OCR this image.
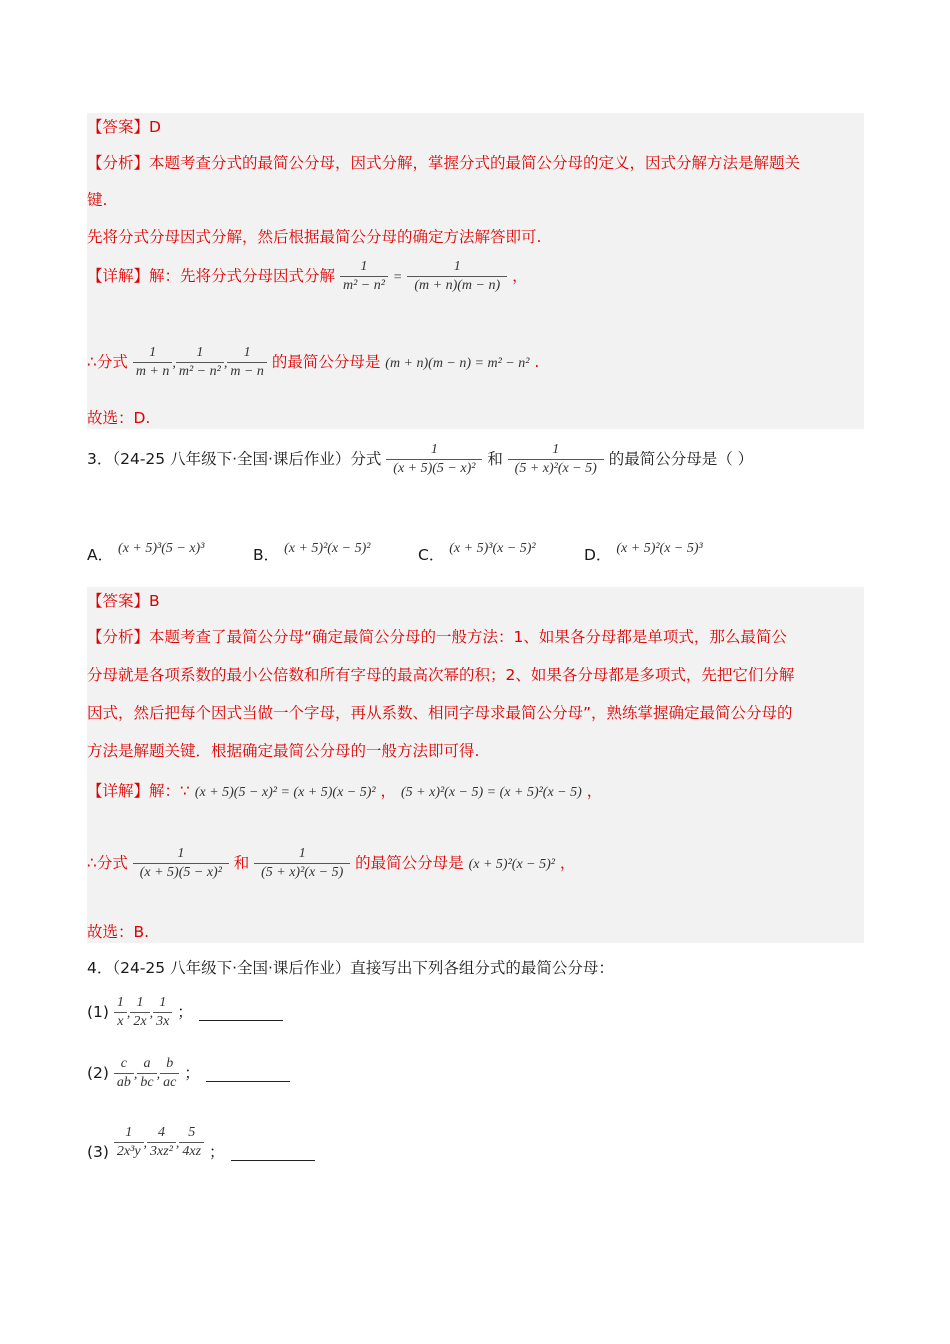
【答案】D
【分析】本题考查分式的最简公分母，因式分解，掌握分式的最简公分母的定义，因式分解方法是解题关
键.
先将分式分母因式分解，然后根据最简公分母的确定方法解答即可.
【详解】解：先将分式分母因式分解 $\frac{1}{\text{m² − n²}} = \frac{1}{(m + n)(m - n)}$ ，
∴分式 $\frac{1}{m + n}$ , $\frac{1}{\text{m² − n²}}$ , $\frac{1}{m - n}$ 的最简公分母是 (m + n)(m − n) = m² − n² .
故选：D.
3．（24-25 八年级下·全国·课后作业）分式 $\frac{1}{\text{(x + 5)(5 − x)²}}$ 和 $\frac{1}{\text{(5 + x)²(x − 5)}}$ 的最简公分母是（ ）
A． (x + 5)³(5 − x)³	B． (x + 5)²(x − 5)²	C． (x + 5)³(x − 5)²	D． (x + 5)²(x − 5)³
【答案】B
【分析】本题考查了最简公分母“确定最简公分母的一般方法：1、如果各分母都是单项式，那么最简公
分母就是各项系数的最小公倍数和所有字母的最高次幂的积；2、如果各分母都是多项式，先把它们分解
因式，然后把每个因式当做一个字母，再从系数、相同字母求最简公分母”，熟练掌握确定最简公分母的
方法是解题关键．根据确定最简公分母的一般方法即可得.
【详解】解：∵ (x + 5)(5 − x)² = (x + 5)(x − 5)² ， (5 + x)²(x − 5) = (x + 5)²(x − 5) ，
∴分式 $\frac{1}{\text{(x + 5)(5 − x)²}}$ 和 $\frac{1}{\text{(5 + x)²(x − 5)}}$ 的最简公分母是 (x + 5)²(x − 5)² ，
故选：B.
4．（24-25 八年级下·全国·课后作业）直接写出下列各组分式的最简公分母：
$(1) \frac{1}{x}$ , $\frac{1}{2x}$ , $\frac{1}{3x}$ ；
$(2) \frac{c}{ab}$ , $\frac{a}{bc}$ , $\frac{b}{ac}$ ；
$(3) \frac{1}{\text{2x³y}}$ , $\frac{4}{\text{3xz²}}$ , $\frac{5}{4xz}$ ；
